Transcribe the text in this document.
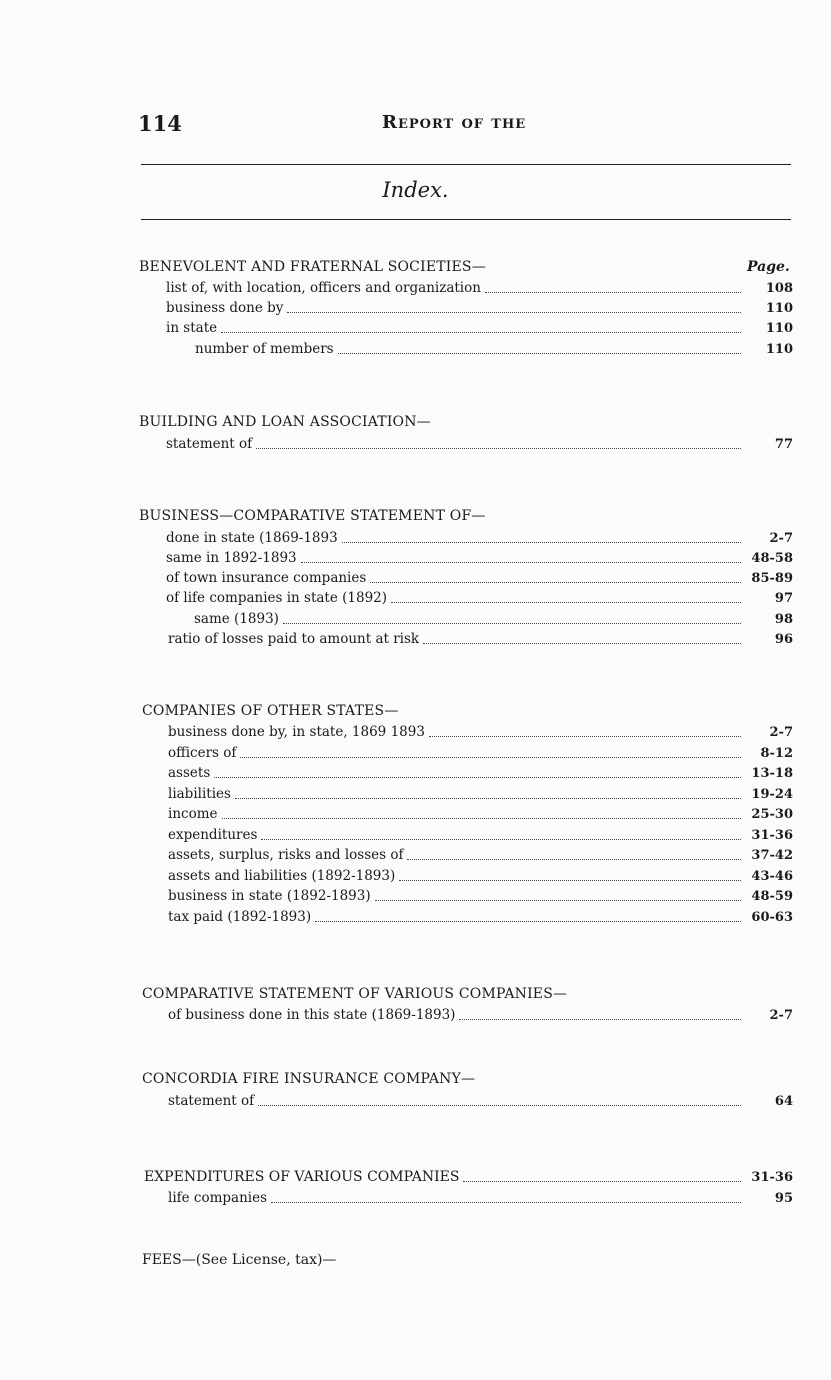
114	Report of the
Index.
Page.
BENEVOLENT AND FRATERNAL SOCIETIES—
list of, with location, officers and organization	108
business done by	110
in state	110
number of members	110
BUILDING AND LOAN ASSOCIATION—
statement of	77
BUSINESS—COMPARATIVE STATEMENT OF—
done in state (1869-1893	2-7
same in 1892-1893	48-58
of town insurance companies	85-89
of life companies in state (1892)	97
same (1893)	98
ratio of losses paid to amount at risk	96
COMPANIES OF OTHER STATES—
business done by, in state, 1869 1893	2-7
officers of	8-12
assets	13-18
liabilities	19-24
income	25-30
expenditures	31-36
assets, surplus, risks and losses of	37-42
assets and liabilities (1892-1893)	43-46
business in state (1892-1893)	48-59
tax paid (1892-1893)	60-63
COMPARATIVE STATEMENT OF VARIOUS COMPANIES—
of business done in this state (1869-1893)	2-7
CONCORDIA FIRE INSURANCE COMPANY—
statement of	64
EXPENDITURES OF VARIOUS COMPANIES	31-36
life companies	95
FEES—(See License, tax)—
